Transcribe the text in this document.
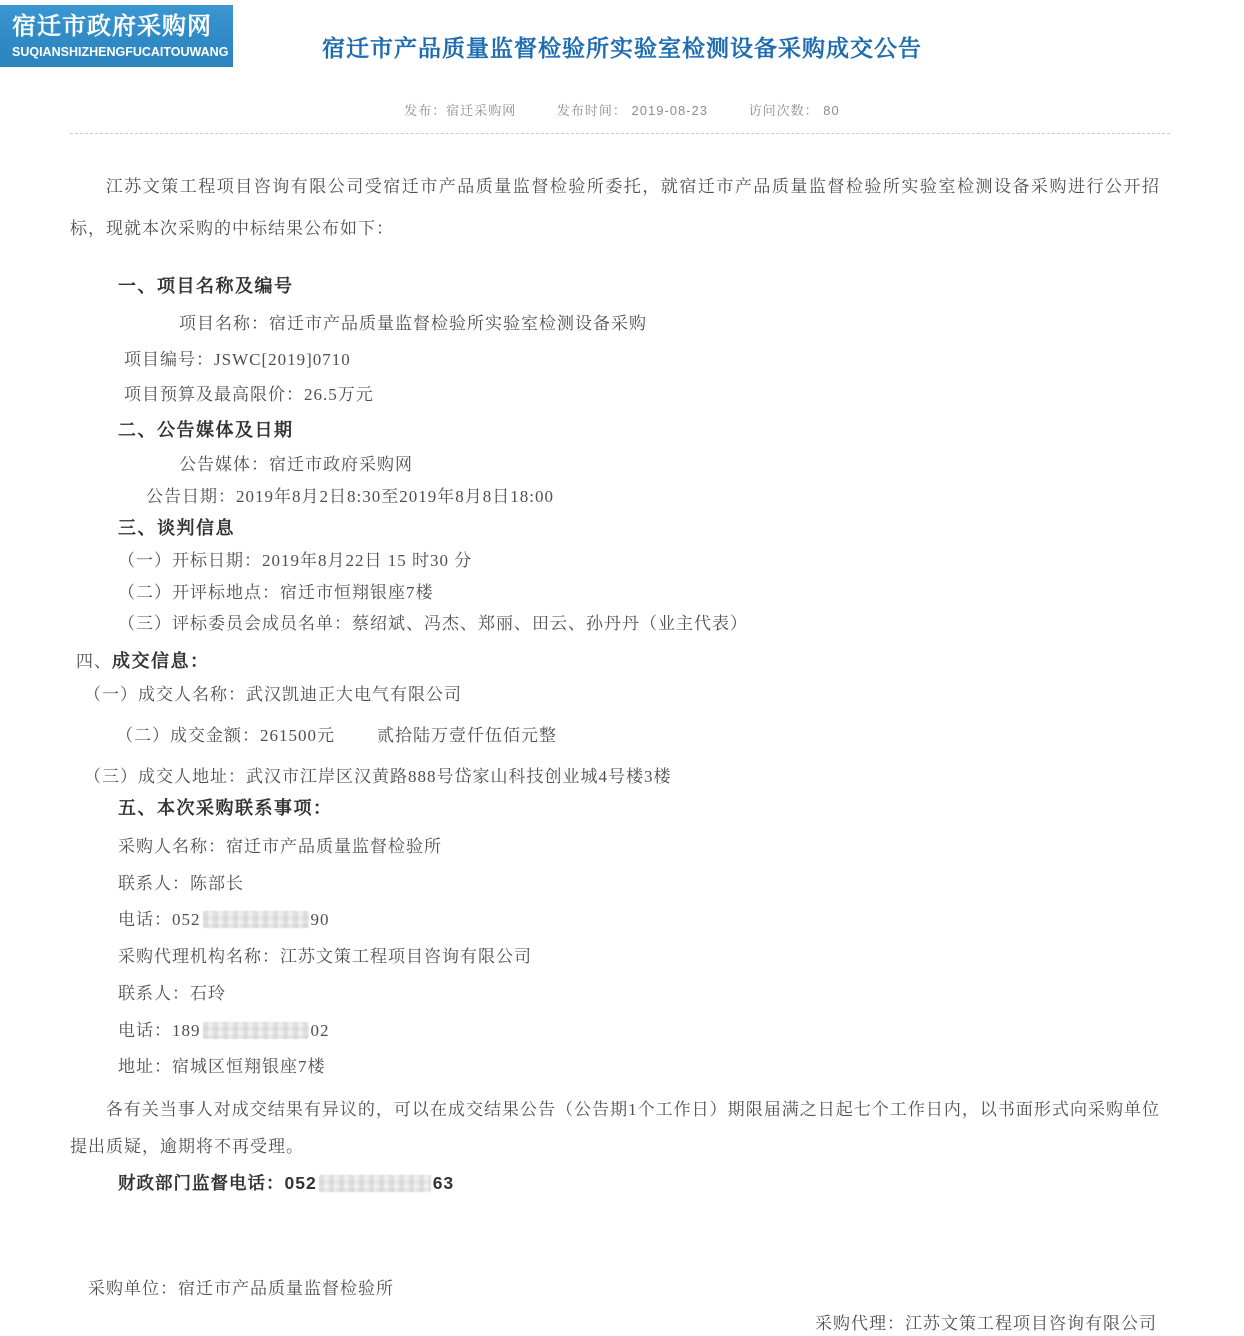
宿迁市政府采购网
SUQIANSHIZHENGFUCAITOUWANG	宿迁市产品质量监督检验所实验室检测设备采购成交公告
发布：宿迁采购网	发布时间： 2019-08-23	访问次数： 80
江苏文策工程项目咨询有限公司受宿迁市产品质量监督检验所委托，就宿迁市产品质量监督检验所实验室检测设备采购进行公开招标，现就本次采购的中标结果公布如下：
一、项目名称及编号
项目名称：宿迁市产品质量监督检验所实验室检测设备采购
项目编号：JSWC[2019]0710
项目预算及最高限价：26.5万元
二、公告媒体及日期
公告媒体：宿迁市政府采购网
公告日期：2019年8月2日8:30至2019年8月8日18:00
三、谈判信息
（一）开标日期：2019年8月22日 15 时30 分
（二）开评标地点：宿迁市恒翔银座7楼
（三）评标委员会成员名单：蔡绍斌、冯杰、郑丽、田云、孙丹丹（业主代表）
四、成交信息：
（一）成交人名称：武汉凯迪正大电气有限公司
（二）成交金额：261500元 贰拾陆万壹仟伍佰元整
（三）成交人地址：武汉市江岸区汉黄路888号岱家山科技创业城4号楼3楼
五、本次采购联系事项：
采购人名称：宿迁市产品质量监督检验所
联系人：陈部长
电话：052	90
采购代理机构名称：江苏文策工程项目咨询有限公司
联系人：石玲
电话：189	02
地址：宿城区恒翔银座7楼
各有关当事人对成交结果有异议的，可以在成交结果公告（公告期1个工作日）期限届满之日起七个工作日内，以书面形式向采购单位提出质疑，逾期将不再受理。
财政部门监督电话：052	63
采购单位：宿迁市产品质量监督检验所
采购代理：江苏文策工程项目咨询有限公司
